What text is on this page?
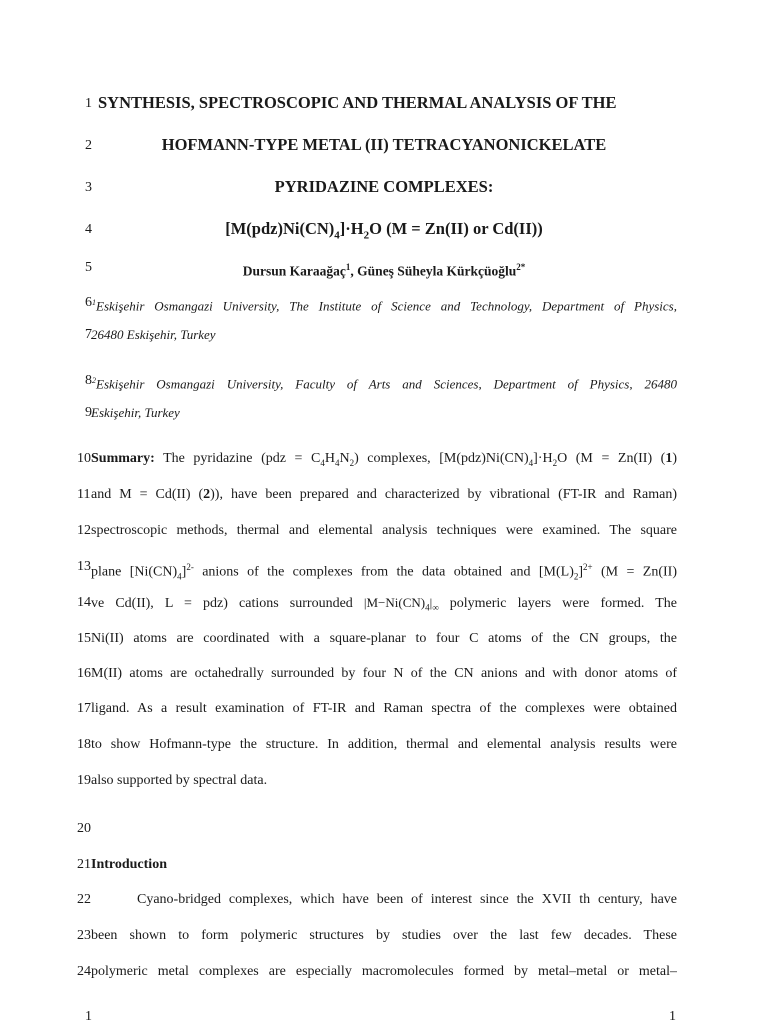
1
2
3
4
5
6
7
8
9
10
11
12
13
14
15
16
17
18
19
20
21
22
23
24
SYNTHESIS, SPECTROSCOPIC AND THERMAL ANALYSIS OF THE
HOFMANN-TYPE METAL (II) TETRACYANONICKELATE
PYRIDAZINE COMPLEXES:
$[M(pdz)Ni(CN)_4]\cdot H_2O$ (M = Zn(II) or Cd(II))
Dursun Karaağaç$^1$, Güneş Süheyla Kürkçüoğlu$^{2*}$
$^1$Eskişehir Osmangazi University, The Institute of Science and Technology, Department of Physics,
26480 Eskişehir, Turkey
$^2$Eskişehir Osmangazi University, Faculty of Arts and Sciences, Department of Physics, 26480
Eskişehir, Turkey
Summary: The pyridazine $(pdz = C_4H_4N_2)$ complexes, $[M(pdz)Ni(CN)_4]\cdot H_2O$ (M = Zn(II) (1)
and M = Cd(II) (2)), have been prepared and characterized by vibrational (FT-IR and Raman)
spectroscopic methods, thermal and elemental analysis techniques were examined. The square
plane $[Ni(CN)_4]^{2-}$ anions of the complexes from the data obtained and $[M(L)_2]^{2+}$ (M = Zn(II)
ve Cd(II), L = pdz) cations surrounded $|M-Ni(CN)_4|_\infty$ polymeric layers were formed. The
Ni(II) atoms are coordinated with a square-planar to four C atoms of the CN groups, the
M(II) atoms are octahedrally surrounded by four N of the CN anions and with donor atoms of
ligand. As a result examination of FT-IR and Raman spectra of the complexes were obtained
to show Hofmann-type the structure. In addition, thermal and elemental analysis results were
also supported by spectral data.
Introduction
Cyano-bridged complexes, which have been of interest since the XVII th century, have
been shown to form polymeric structures by studies over the last few decades. These
polymeric metal complexes are especially macromolecules formed by metal–metal or metal–
1	1
